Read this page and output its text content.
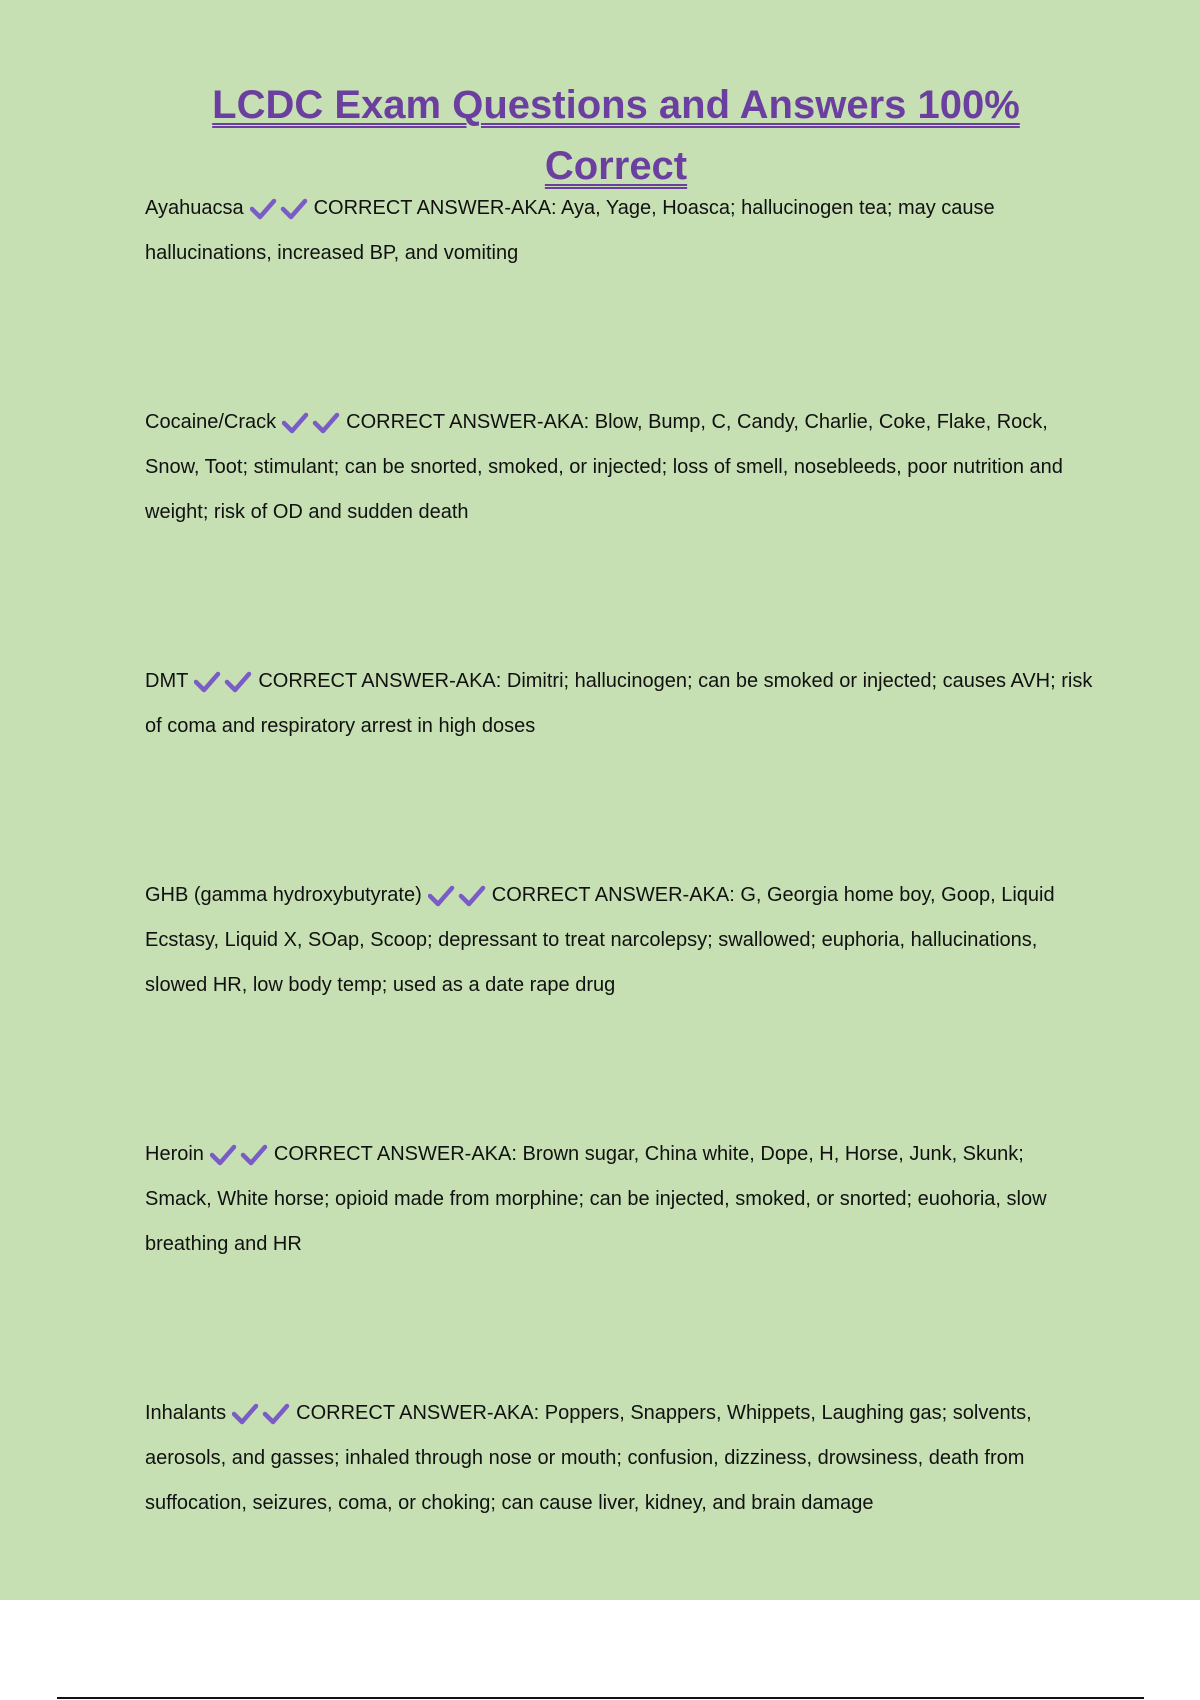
LCDC Exam Questions and Answers 100% Correct

Ayahuacsa	CORRECT ANSWER-AKA: Aya, Yage, Hoasca; hallucinogen tea; may cause hallucinations, increased BP, and vomiting

Cocaine/Crack	CORRECT ANSWER-AKA: Blow, Bump, C, Candy, Charlie, Coke, Flake, Rock, Snow, Toot; stimulant; can be snorted, smoked, or injected; loss of smell, nosebleeds, poor nutrition and weight; risk of OD and sudden death

DMT	CORRECT ANSWER-AKA: Dimitri; hallucinogen; can be smoked or injected; causes AVH; risk of coma and respiratory arrest in high doses

GHB (gamma hydroxybutyrate)	CORRECT ANSWER-AKA: G, Georgia home boy, Goop, Liquid Ecstasy, Liquid X, SOap, Scoop; depressant to treat narcolepsy; swallowed; euphoria, hallucinations, slowed HR, low body temp; used as a date rape drug

Heroin	CORRECT ANSWER-AKA: Brown sugar, China white, Dope, H, Horse, Junk, Skunk; Smack, White horse; opioid made from morphine; can be injected, smoked, or snorted; euohoria, slow breathing and HR

Inhalants	CORRECT ANSWER-AKA: Poppers, Snappers, Whippets, Laughing gas; solvents, aerosols, and gasses; inhaled through nose or mouth; confusion, dizziness, drowsiness, death from suffocation, seizures, coma, or choking; can cause liver, kidney, and brain damage
